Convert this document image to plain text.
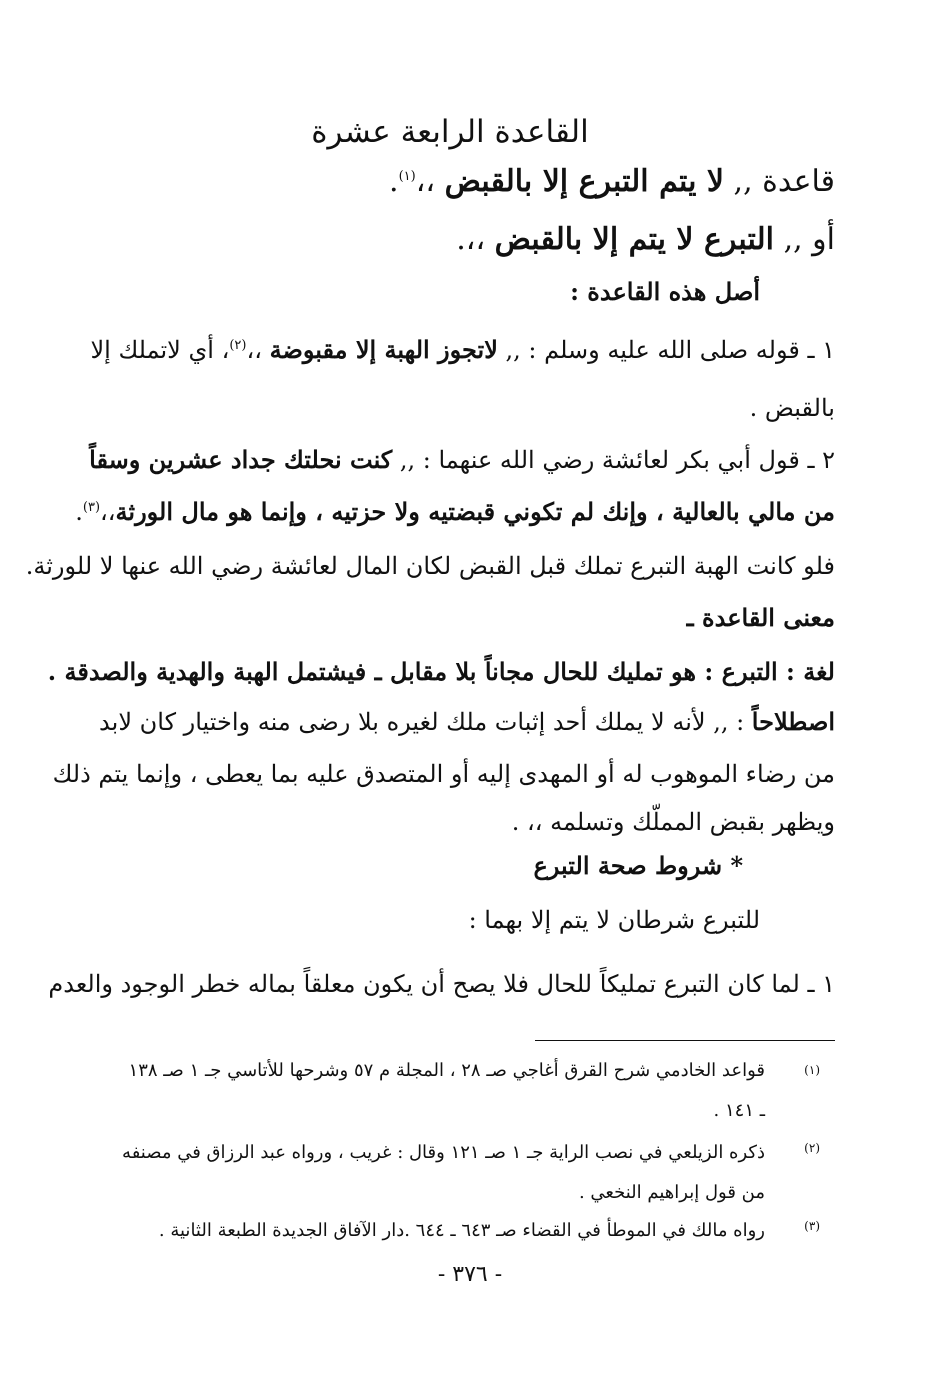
القاعدة الرابعة عشرة
قاعدة ,, لا يتم التبرع إلا بالقبض ،،$^{(١)}$.
أو ,, التبرع لا يتم إلا بالقبض ،،.
أصل هذه القاعدة :
١ ـ قوله صلى الله عليه وسلم : ,, لاتجوز الهبة إلا مقبوضة ،،$^{(٢)}$، أي لاتملك إلا
بالقبض .
٢ ـ قول أبي بكر لعائشة رضي الله عنهما : ,, كنت نحلتك جداد عشرين وسقاً
من مالي بالعالية ، وإنك لم تكوني قبضتيه ولا حزتيه ، وإنما هو مال الورثة،،$^{(٣)}$.
فلو كانت الهبة التبرع تملك قبل القبض لكان المال لعائشة رضي الله عنها لا للورثة.
معنى القاعدة ـ
لغة : التبرع : هو تمليك للحال مجاناً بلا مقابل ـ فيشتمل الهبة والهدية والصدقة .
اصطلاحاً : ,, لأنه لا يملك أحد إثبات ملك لغيره بلا رضى منه واختيار كان لابد
من رضاء الموهوب له أو المهدى إليه أو المتصدق عليه بما يعطى ، وإنما يتم ذلك
ويظهر بقبض المملّك وتسلمه ،، .
* شروط صحة التبرع
للتبرع شرطان لا يتم إلا بهما :
١ ـ لما كان التبرع تمليكاً للحال فلا يصح أن يكون معلقاً بماله خطر الوجود والعدم
(١)
قواعد الخادمي شرح القرق أغاجي صـ ٢٨ ، المجلة م ٥٧ وشرحها للأتاسي جـ ١ صـ ١٣٨
ـ ١٤١ .
(٢)
ذكره الزيلعي في نصب الراية جـ ١ صـ ١٢١ وقال : غريب ، ورواه عبد الرزاق في مصنفه
من قول إبراهيم النخعي .
(٣)
رواه مالك في الموطأ في القضاء صـ ٦٤٣ ـ ٦٤٤ .دار الآفاق الجديدة الطبعة الثانية .
- ٣٧٦ -
